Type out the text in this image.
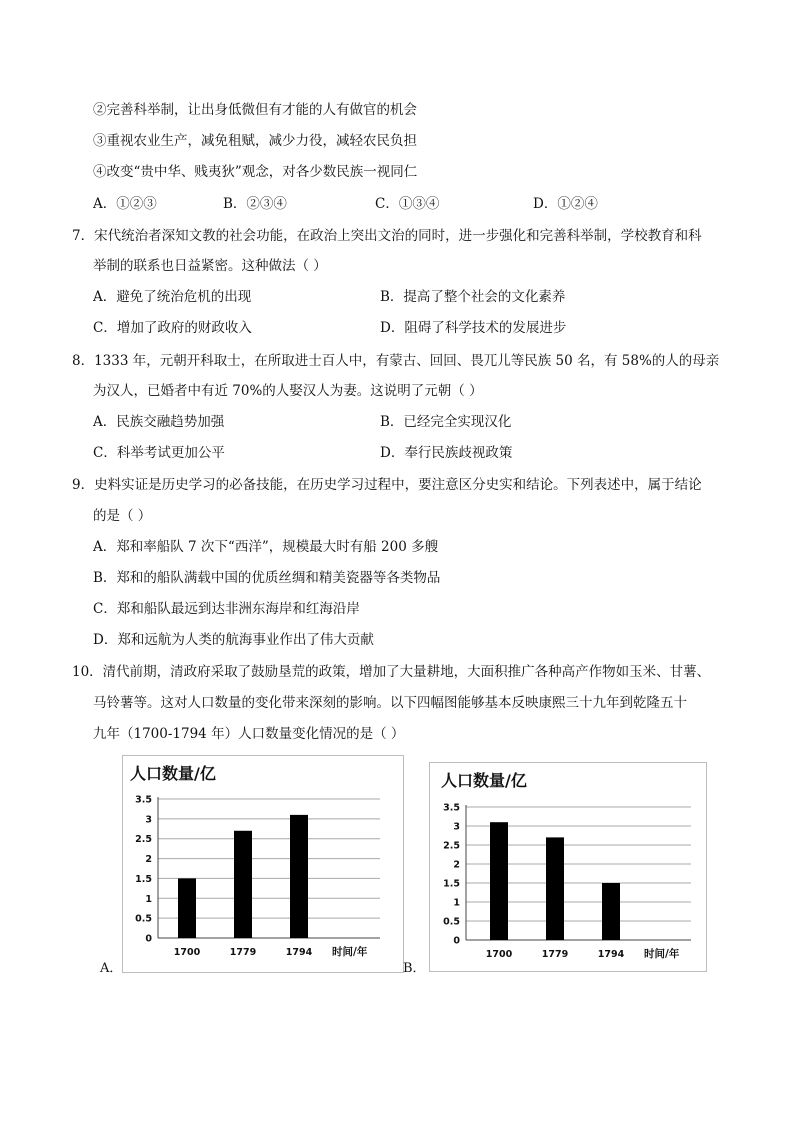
②完善科举制，让出身低微但有才能的人有做官的机会
③重视农业生产，减免租赋，减少力役，减轻农民负担
④改变“贵中华、贱夷狄”观念，对各少数民族一视同仁
A．①②③	B．②③④	C．①③④	D．①②④
7．宋代统治者深知文教的社会功能，在政治上突出文治的同时，进一步强化和完善科举制，学校教育和科
举制的联系也日益紧密。这种做法（ ）
A．避免了统治危机的出现	B．提高了整个社会的文化素养
C．增加了政府的财政收入	D．阻碍了科学技术的发展进步
8．1333 年，元朝开科取士，在所取进士百人中，有蒙古、回回、畏兀儿等民族 50 名，有 58%的人的母亲
为汉人，已婚者中有近 70%的人娶汉人为妻。这说明了元朝（ ）
A．民族交融趋势加强	B．已经完全实现汉化
C．科举考试更加公平	D．奉行民族歧视政策
9．史料实证是历史学习的必备技能，在历史学习过程中，要注意区分史实和结论。下列表述中，属于结论
的是（ ）
A．郑和率船队 7 次下“西洋”，规模最大时有船 200 多艘
B．郑和的船队满载中国的优质丝绸和精美瓷器等各类物品
C．郑和船队最远到达非洲东海岸和红海沿岸
D．郑和远航为人类的航海事业作出了伟大贡献
10．清代前期，清政府采取了鼓励垦荒的政策，增加了大量耕地，大面积推广各种高产作物如玉米、甘薯、
马铃薯等。这对人口数量的变化带来深刻的影响。以下四幅图能够基本反映康熙三十九年到乾隆五十
九年（1700-1794 年）人口数量变化情况的是（ ）
A．
人口数量/亿
0
0.5
1
1.5
2
2.5
3
3.5
1700	1779	1794 时间/年
B．
人口数量/亿
0
0.5
1
1.5
2
2.5
3
3.5
1700	1779	1794 时间/年
